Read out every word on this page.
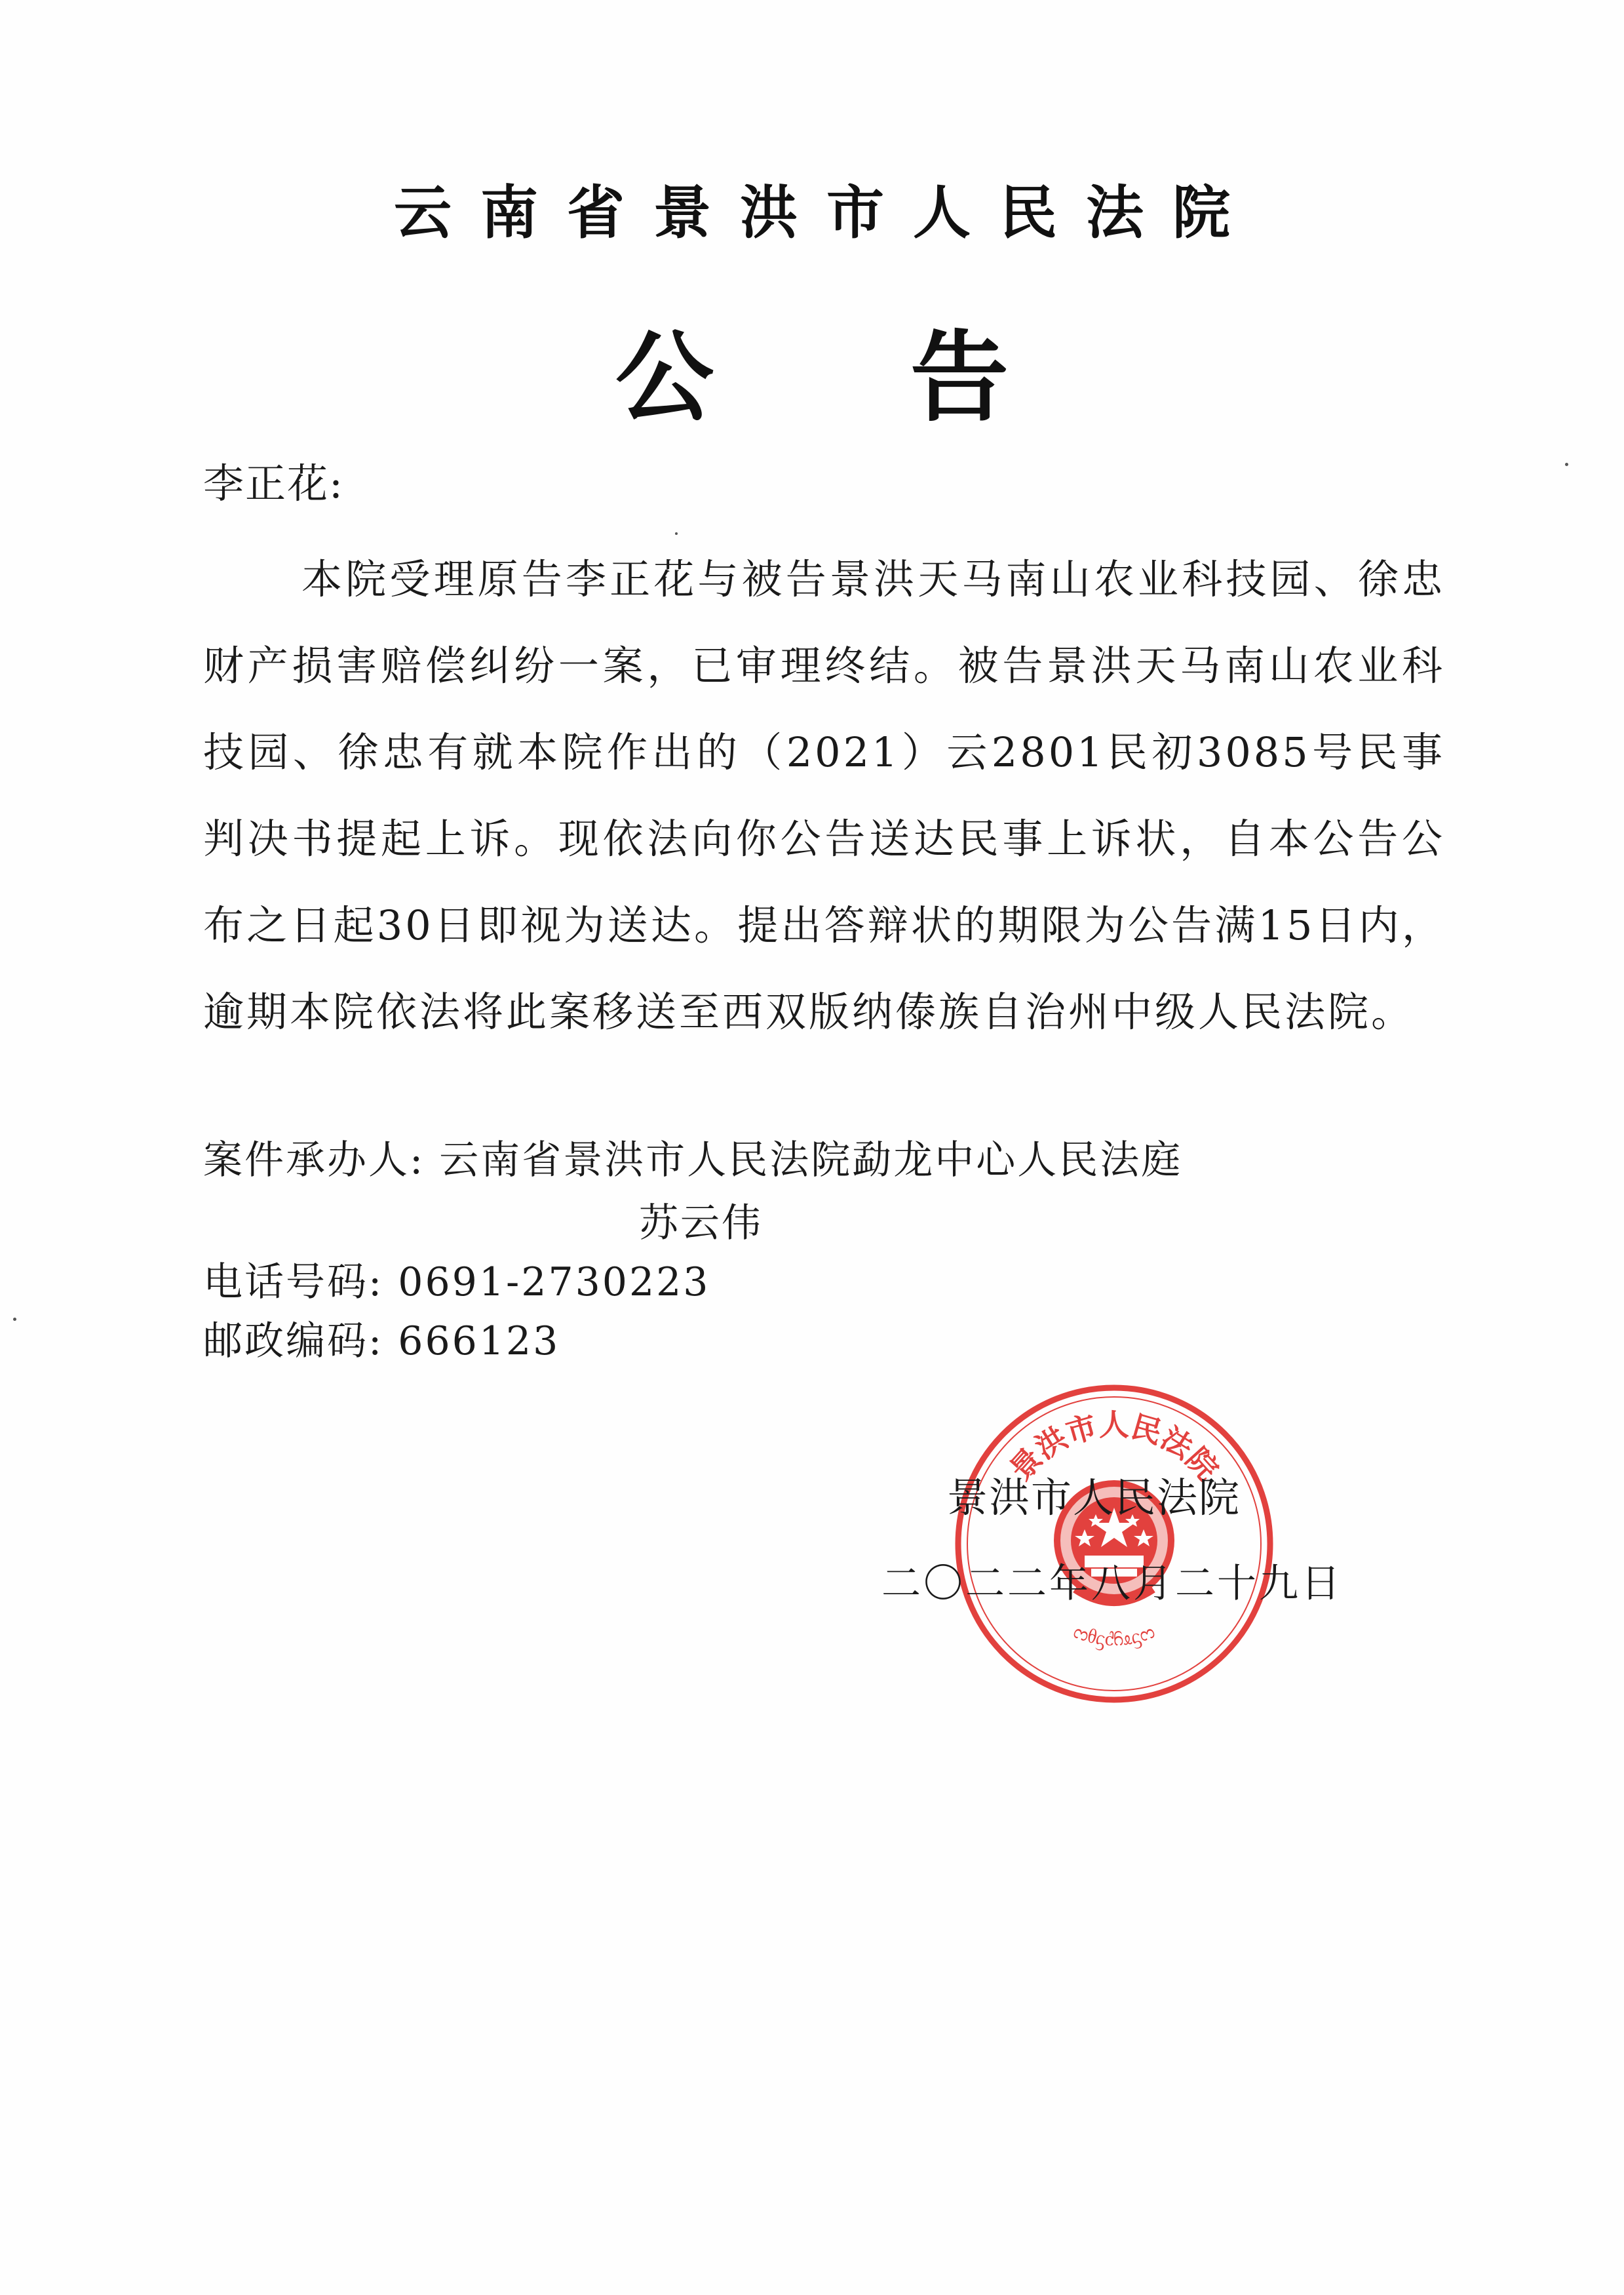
云南省景洪市人民法院
公告
李正花:
本院受理原告李正花与被告景洪天马南山农业科技园、徐忠财产损害赔偿纠纷一案，已审理终结。被告景洪天马南山农业科技园、徐忠有就本院作出的（2021）云2801民初3085号民事判决书提起上诉。现依法向你公告送达民事上诉状，自本公告公布之日起30日即视为送达。提出答辩状的期限为公告满15日内，逾期本院依法将此案移送至西双版纳傣族自治州中级人民法院。
案件承办人: 云南省景洪市人民法院勐龙中心人民法庭
苏云伟
电话号码: 0691-2730223
邮政编码: 666123
景洪市人民法院
ᦂᦲᦓᦺᦆᦸᦓᦂ
景洪市人民法院
二〇二二年八月二十九日
